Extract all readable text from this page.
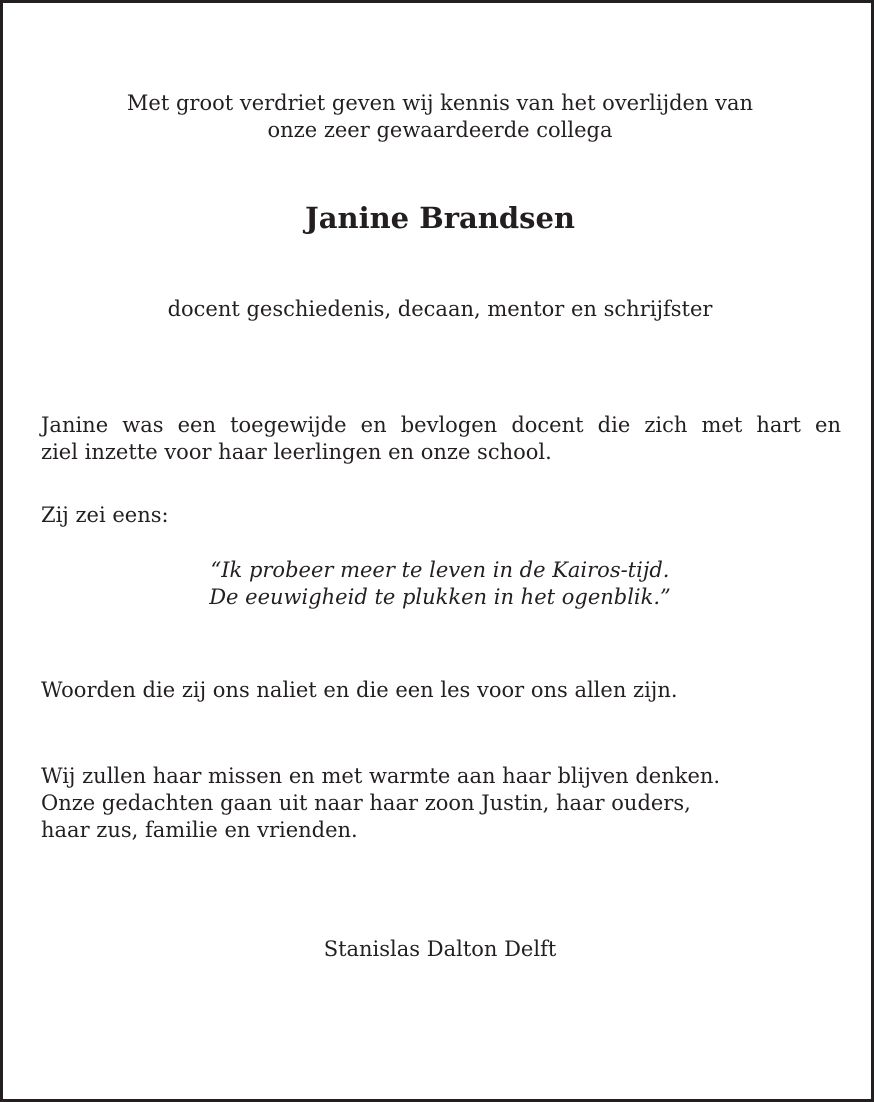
Met groot verdriet geven wij kennis van het overlijden van
onze zeer gewaardeerde collega
Janine Brandsen
docent geschiedenis, decaan, mentor en schrijfster
Janine was een toegewijde en bevlogen docent die zich met hart en
ziel inzette voor haar leerlingen en onze school.
Zij zei eens:
“Ik probeer meer te leven in de Kairos-tijd.
De eeuwigheid te plukken in het ogenblik.”
Woorden die zij ons naliet en die een les voor ons allen zijn.
Wij zullen haar missen en met warmte aan haar blijven denken.
Onze gedachten gaan uit naar haar zoon Justin, haar ouders,
haar zus, familie en vrienden.
Stanislas Dalton Delft
